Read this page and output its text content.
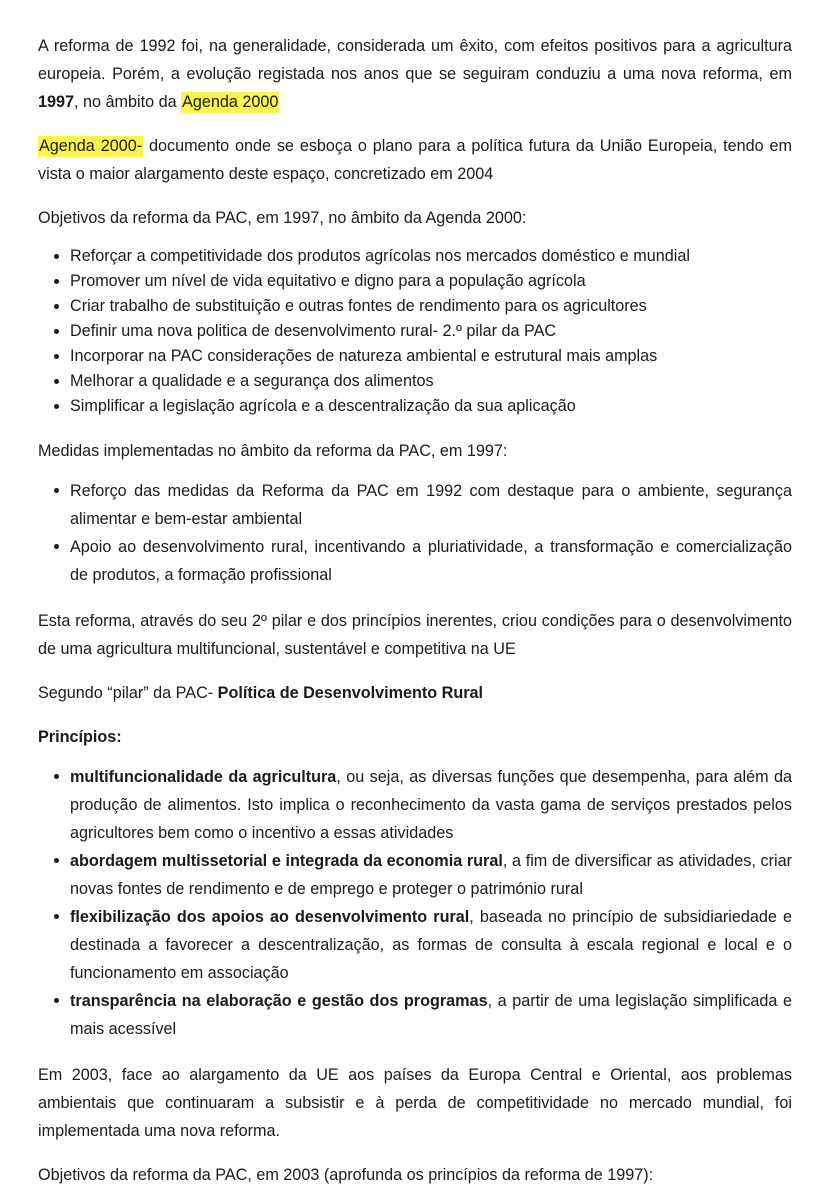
A reforma de 1992 foi, na generalidade, considerada um êxito, com efeitos positivos para a agricultura europeia. Porém, a evolução registada nos anos que se seguiram conduziu a uma nova reforma, em 1997, no âmbito da Agenda 2000

Agenda 2000- documento onde se esboça o plano para a política futura da União Europeia, tendo em vista o maior alargamento deste espaço, concretizado em 2004

Objetivos da reforma da PAC, em 1997, no âmbito da Agenda 2000:

Reforçar a competitividade dos produtos agrícolas nos mercados doméstico e mundial
Promover um nível de vida equitativo e digno para a população agrícola
Criar trabalho de substituição e outras fontes de rendimento para os agricultores
Definir uma nova politica de desenvolvimento rural- 2.º pilar da PAC
Incorporar na PAC considerações de natureza ambiental e estrutural mais amplas
Melhorar a qualidade e a segurança dos alimentos
Simplificar a legislação agrícola e a descentralização da sua aplicação

Medidas implementadas no âmbito da reforma da PAC, em 1997:

Reforço das medidas da Reforma da PAC em 1992 com destaque para o ambiente, segurança alimentar e bem-estar ambiental
Apoio ao desenvolvimento rural, incentivando a pluriatividade, a transformação e comercialização de produtos, a formação profissional

Esta reforma, através do seu 2º pilar e dos princípios inerentes, criou condições para o desenvolvimento de uma agricultura multifuncional, sustentável e competitiva na UE

Segundo “pilar” da PAC- Política de Desenvolvimento Rural

Princípios:

multifuncionalidade da agricultura, ou seja, as diversas funções que desempenha, para além da produção de alimentos. Isto implica o reconhecimento da vasta gama de serviços prestados pelos agricultores bem como o incentivo a essas atividades
abordagem multissetorial e integrada da economia rural, a fim de diversificar as atividades, criar novas fontes de rendimento e de emprego e proteger o património rural
flexibilização dos apoios ao desenvolvimento rural, baseada no princípio de subsidiariedade e destinada a favorecer a descentralização, as formas de consulta à escala regional e local e o funcionamento em associação
transparência na elaboração e gestão dos programas, a partir de uma legislação simplificada e mais acessível

Em 2003, face ao alargamento da UE aos países da Europa Central e Oriental, aos problemas ambientais que continuaram a subsistir e à perda de competitividade no mercado mundial, foi implementada uma nova reforma.

Objetivos da reforma da PAC, em 2003 (aprofunda os princípios da reforma de 1997):
